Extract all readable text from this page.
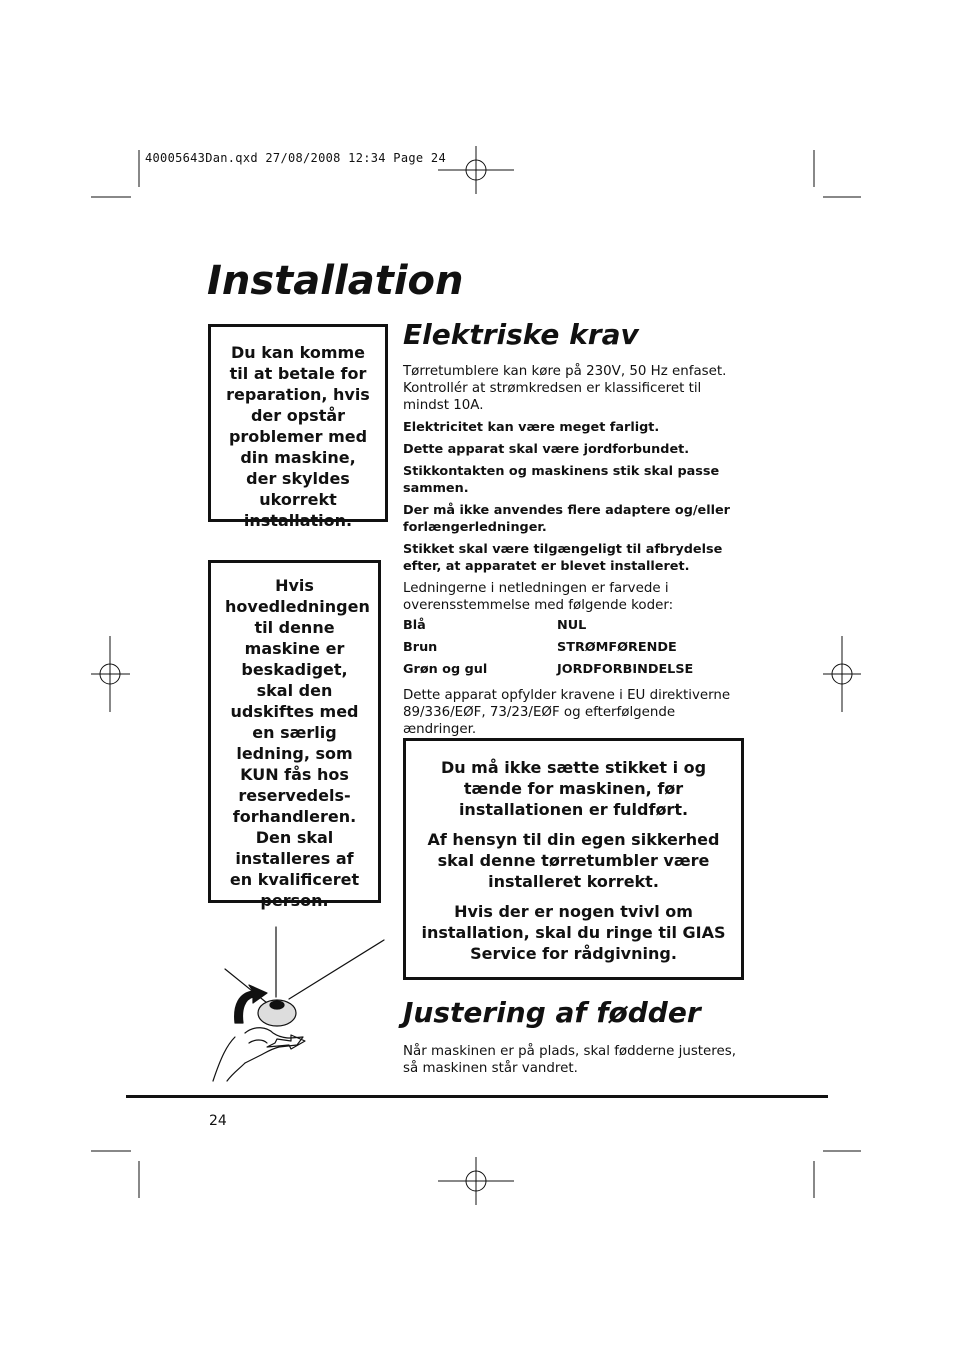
40005643Dan.qxd 27/08/2008 12:34 Page 24
Installation

Du kan komme til at betale for reparation, hvis der opstår problemer med din maskine, der skyldes ukorrekt installation.

Hvis hovedledningen til denne maskine er beskadiget, skal den udskiftes med en særlig ledning, som KUN fås hos reservedels-forhandleren. Den skal installeres af en kvalificeret person.

Elektriske krav

Tørretumblere kan køre på 230V, 50 Hz enfaset. Kontrollér at strømkredsen er klassificeret til mindst 10A.

Elektricitet kan være meget farligt.

Dette apparat skal være jordforbundet.

Stikkontakten og maskinens stik skal passe sammen.

Der må ikke anvendes flere adaptere og/eller forlængerledninger.

Stikket skal være tilgængeligt til afbrydelse efter, at apparatet er blevet installeret.

Ledningerne i netledningen er farvede i overensstemmelse med følgende koder:

Blå	NUL
Brun	STRØMFØRENDE
Grøn og gul	JORDFORBINDELSE

Dette apparat opfylder kravene i EU direktiverne 89/336/EØF, 73/23/EØF og efterfølgende ændringer.

Du må ikke sætte stikket i og tænde for maskinen, før installationen er fuldført.

Af hensyn til din egen sikkerhed skal denne tørretumbler være installeret korrekt.

Hvis der er nogen tvivl om installation, skal du ringe til GIAS Service for rådgivning.

Justering af fødder
Når maskinen er på plads, skal fødderne justeres, så maskinen står vandret.
24
